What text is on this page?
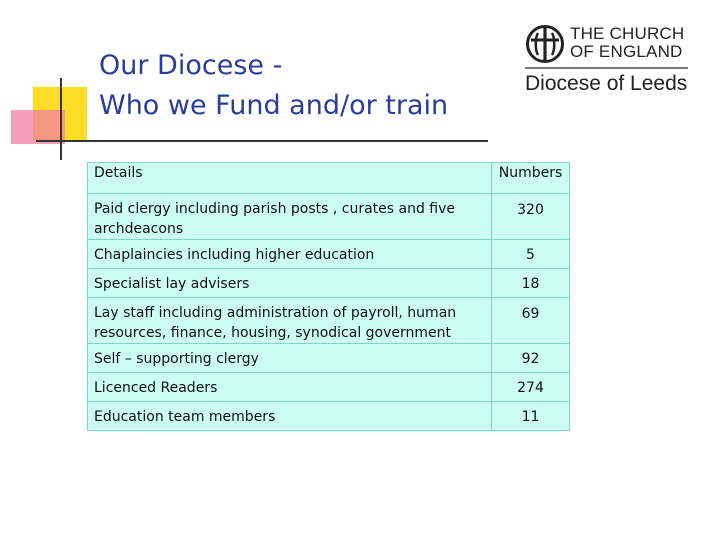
Our Diocese -
Who we Fund and/or train
THE CHURCH
OF ENGLAND
Diocese of Leeds
Details	Numbers
Paid clergy including parish posts , curates and five archdeacons	320
Chaplaincies including higher education	5
Specialist lay advisers	18
Lay staff including administration of payroll, human resources, finance, housing, synodical government	69
Self – supporting clergy	92
Licenced Readers	274
Education team members	11
